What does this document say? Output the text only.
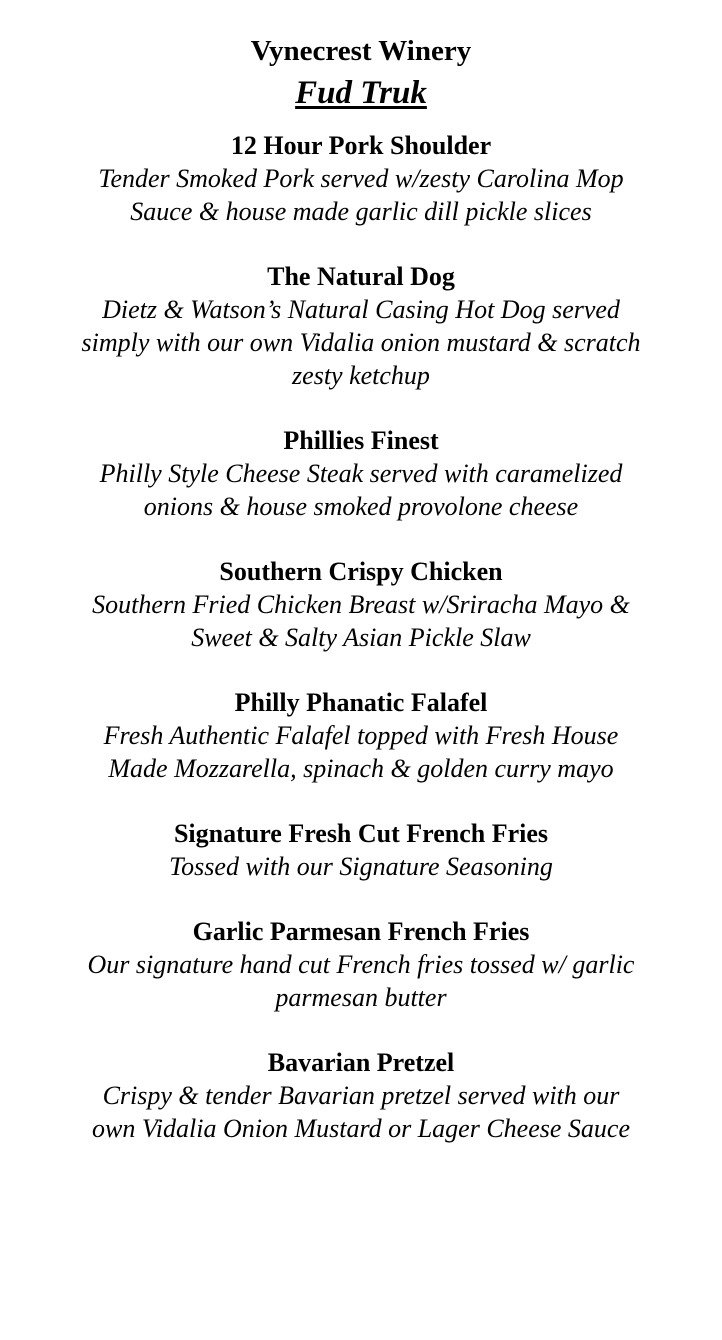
Vynecrest Winery
Fud Truk

12 Hour Pork Shoulder

Tender Smoked Pork served w/zesty Carolina Mop Sauce & house made garlic dill pickle slices

The Natural Dog

Dietz & Watson’s Natural Casing Hot Dog served simply with our own Vidalia onion mustard & scratch zesty ketchup

Phillies Finest

Philly Style Cheese Steak served with caramelized onions & house smoked provolone cheese

Southern Crispy Chicken

Southern Fried Chicken Breast w/Sriracha Mayo & Sweet & Salty Asian Pickle Slaw

Philly Phanatic Falafel

Fresh Authentic Falafel topped with Fresh House Made Mozzarella, spinach & golden curry mayo

Signature Fresh Cut French Fries

Tossed with our Signature Seasoning

Garlic Parmesan French Fries

Our signature hand cut French fries tossed w/ garlic parmesan butter

Bavarian Pretzel

Crispy & tender Bavarian pretzel served with our own Vidalia Onion Mustard or Lager Cheese Sauce
